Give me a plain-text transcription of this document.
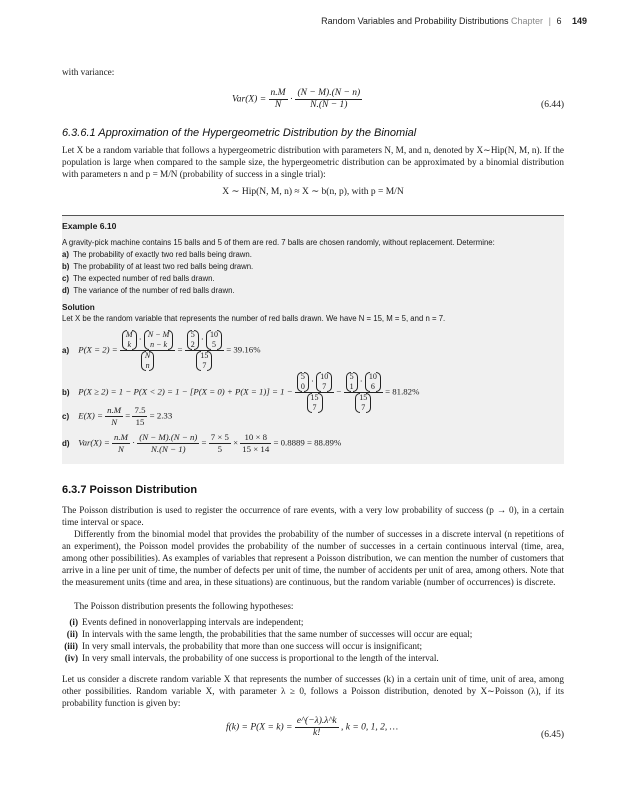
Random Variables and Probability Distributions Chapter | 6 149
with variance:
$Var(X) = \frac{n.M}{N} \cdot \frac{(N - M).(N - n)}{N.(N - 1)}$	(6.44)
6.3.6.1 Approximation of the Hypergeometric Distribution by the Binomial
Let X be a random variable that follows a hypergeometric distribution with parameters N, M, and n, denoted by X∼Hip(N, M, n). If the population is large when compared to the sample size, the hypergeometric distribution can be approximated by a binomial distribution with parameters n and p = M/N (probability of success in a single trial):
X ∼ Hip(N, M, n) ≈ X ∼ b(n, p), with p = M/N
Example 6.10
A gravity-pick machine contains 15 balls and 5 of them are red. 7 balls are chosen randomly, without replacement. Determine:
a) The probability of exactly two red balls being drawn.
b) The probability of at least two red balls being drawn.
c) The expected number of red balls drawn.
d) The variance of the number of red balls drawn.
Solution
Let X be the random variable that represents the number of red balls drawn. We have N = 15, M = 5, and n = 7.
a) P(X = 2) = M
k
· N − M
n − k
N
n = 5
2
· 10
5
15
7 = 39.16%
b) P(X ≥ 2) = 1 − P(X < 2) = 1 − [P(X = 0) + P(X = 1)] = 1 − 5
0
· 10
7
15
7 − 5
1
· 10
6
15
7 = 81.82%
c) $E(X) = \frac{n.M}{N} = \frac{7.5}{15} = 2.33$
d) $Var(X) = \frac{n.M}{N} \cdot \frac{(N - M).(N - n)}{N.(N - 1)} = \frac{7 \times 5}{5} \times \frac{10 \times 8}{15 \times 14} = 0.8889 = 88.89\%$
6.3.7 Poisson Distribution
The Poisson distribution is used to register the occurrence of rare events, with a very low probability of success (p → 0), in a certain time interval or space.
Differently from the binomial model that provides the probability of the number of successes in a discrete interval (n repetitions of an experiment), the Poisson model provides the probability of the number of successes in a certain continuous interval (time, area, among other possibilities). As examples of variables that represent a Poisson distribution, we can mention the number of customers that arrive in a line per unit of time, the number of defects per unit of time, the number of accidents per unit of area, among others. Note that the measurement units (time and area, in these situations) are continuous, but the random variable (number of occurrences) is discrete.
The Poisson distribution presents the following hypotheses:
(i) Events defined in nonoverlapping intervals are independent;
(ii) In intervals with the same length, the probabilities that the same number of successes will occur are equal;
(iii) In very small intervals, the probability that more than one success will occur is insignificant;
(iv) In very small intervals, the probability of one success is proportional to the length of the interval.
Let us consider a discrete random variable X that represents the number of successes (k) in a certain unit of time, unit of area, among other possibilities. Random variable X, with parameter λ ≥ 0, follows a Poisson distribution, denoted by X∼Poisson (λ), if its probability function is given by:
$f(k) = P(X = k) = \frac{e\^{}(-\lambda).\lambda\^{}k}{k!}$ , k = 0, 1, 2, …
(6.45)
